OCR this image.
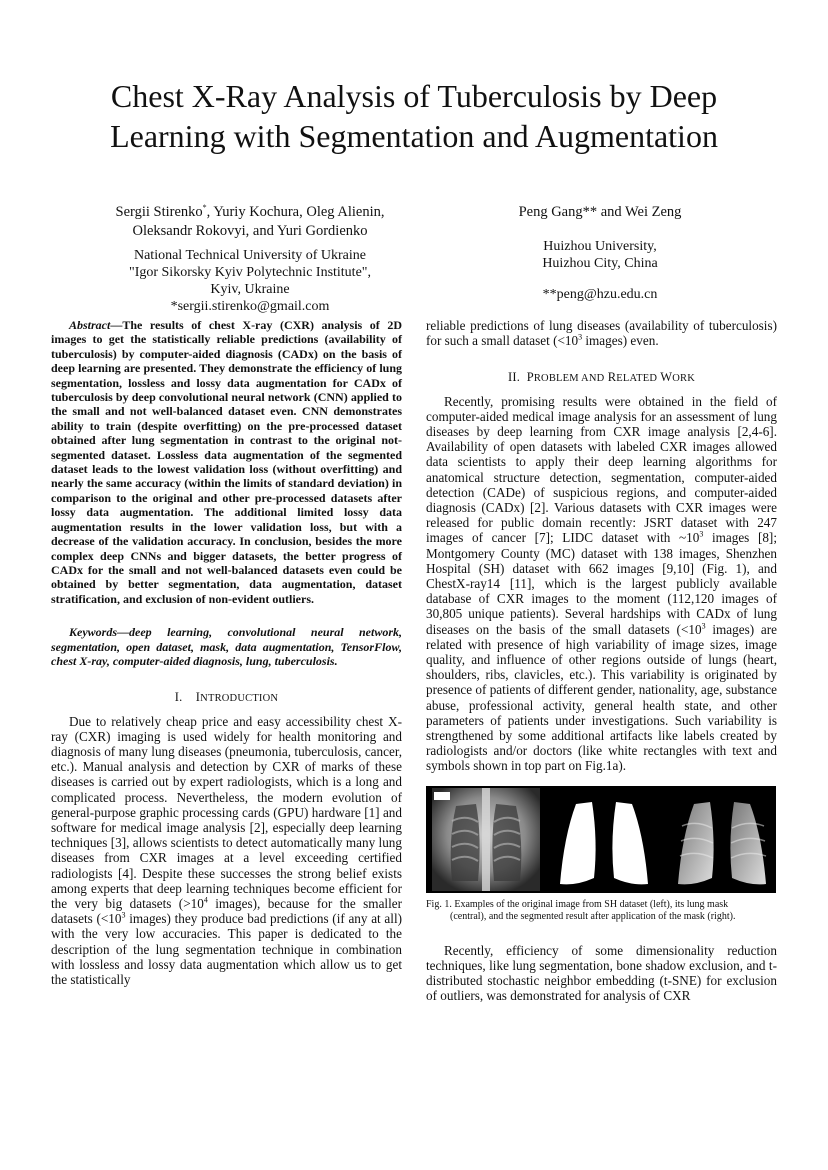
Chest X-Ray Analysis of Tuberculosis by Deep
Learning with Segmentation and Augmentation
Sergii Stirenko*, Yuriy Kochura, Oleg Alienin,
Oleksandr Rokovyi, and Yuri Gordienko
National Technical University of Ukraine
"Igor Sikorsky Kyiv Polytechnic Institute",
Kyiv, Ukraine
*sergii.stirenko@gmail.com
Peng Gang** and Wei Zeng
Huizhou University,
Huizhou City, China
**peng@hzu.edu.cn

Abstract—The results of chest X-ray (CXR) analysis of 2D images to get the statistically reliable predictions (availability of tuberculosis) by computer-aided diagnosis (CADx) on the basis of deep learning are presented. They demonstrate the efficiency of lung segmentation, lossless and lossy data augmentation for CADx of tuberculosis by deep convolutional neural network (CNN) applied to the small and not well-balanced dataset even. CNN demonstrates ability to train (despite overfitting) on the pre-processed dataset obtained after lung segmentation in contrast to the original not-segmented dataset. Lossless data augmentation of the segmented dataset leads to the lowest validation loss (without overfitting) and nearly the same accuracy (within the limits of standard deviation) in comparison to the original and other pre-processed datasets after lossy data augmentation. The additional limited lossy data augmentation results in the lower validation loss, but with a decrease of the validation accuracy. In conclusion, besides the more complex deep CNNs and bigger datasets, the better progress of CADx for the small and not well-balanced datasets even could be obtained by better segmentation, data augmentation, dataset stratification, and exclusion of non-evident outliers.

Keywords—deep learning, convolutional neural network, segmentation, open dataset, mask, data augmentation, TensorFlow, chest X-ray, computer-aided diagnosis, lung, tuberculosis.

I. INTRODUCTION

Due to relatively cheap price and easy accessibility chest X-ray (CXR) imaging is used widely for health monitoring and diagnosis of many lung diseases (pneumonia, tuberculosis, cancer, etc.). Manual analysis and detection by CXR of marks of these diseases is carried out by expert radiologists, which is a long and complicated process. Nevertheless, the modern evolution of general-purpose graphic processing cards (GPU) hardware [1] and software for medical image analysis [2], especially deep learning techniques [3], allows scientists to detect automatically many lung diseases from CXR images at a level exceeding certified radiologists [4]. Despite these successes the strong belief exists among experts that deep learning techniques become efficient for the very big datasets ($>10^4$ images), because for the smaller datasets ($<10^3$ images) they produce bad predictions (if any at all) with the very low accuracies. This paper is dedicated to the description of the lung segmentation technique in combination with lossless and lossy data augmentation which allow us to get the statistically

reliable predictions of lung diseases (availability of tuberculosis) for such a small dataset ($<10^3$ images) even.

II. PROBLEM AND RELATED WORK

Recently, promising results were obtained in the field of computer-aided medical image analysis for an assessment of lung diseases by deep learning from CXR image analysis [2,4-6]. Availability of open datasets with labeled CXR images allowed data scientists to apply their deep learning algorithms for anatomical structure detection, segmentation, computer-aided detection (CADe) of suspicious regions, and computer-aided diagnosis (CADx) [2]. Various datasets with CXR images were released for public domain recently: JSRT dataset with 247 images of cancer [7]; LIDC dataset with $\sim 10^3$ images [8]; Montgomery County (MC) dataset with 138 images, Shenzhen Hospital (SH) dataset with 662 images [9,10] (Fig. 1), and ChestX-ray14 [11], which is the largest publicly available database of CXR images to the moment (112,120 images of 30,805 unique patients). Several hardships with CADx of lung diseases on the basis of the small datasets ($<10^3$ images) are related with presence of high variability of image sizes, image quality, and influence of other regions outside of lungs (heart, shoulders, ribs, clavicles, etc.). This variability is originated by presence of patients of different gender, nationality, age, substance abuse, professional activity, general health state, and other parameters of patients under investigations. Such variability is strengthened by some additional artifacts like labels created by radiologists and/or doctors (like white rectangles with text and symbols shown in top part on Fig.1a).

Fig. 1. Examples of the original image from SH dataset (left), its lung mask
(central), and the segmented result after application of the mask (right).

Recently, efficiency of some dimensionality reduction techniques, like lung segmentation, bone shadow exclusion, and t-distributed stochastic neighbor embedding (t-SNE) for exclusion of outliers, was demonstrated for analysis of CXR
